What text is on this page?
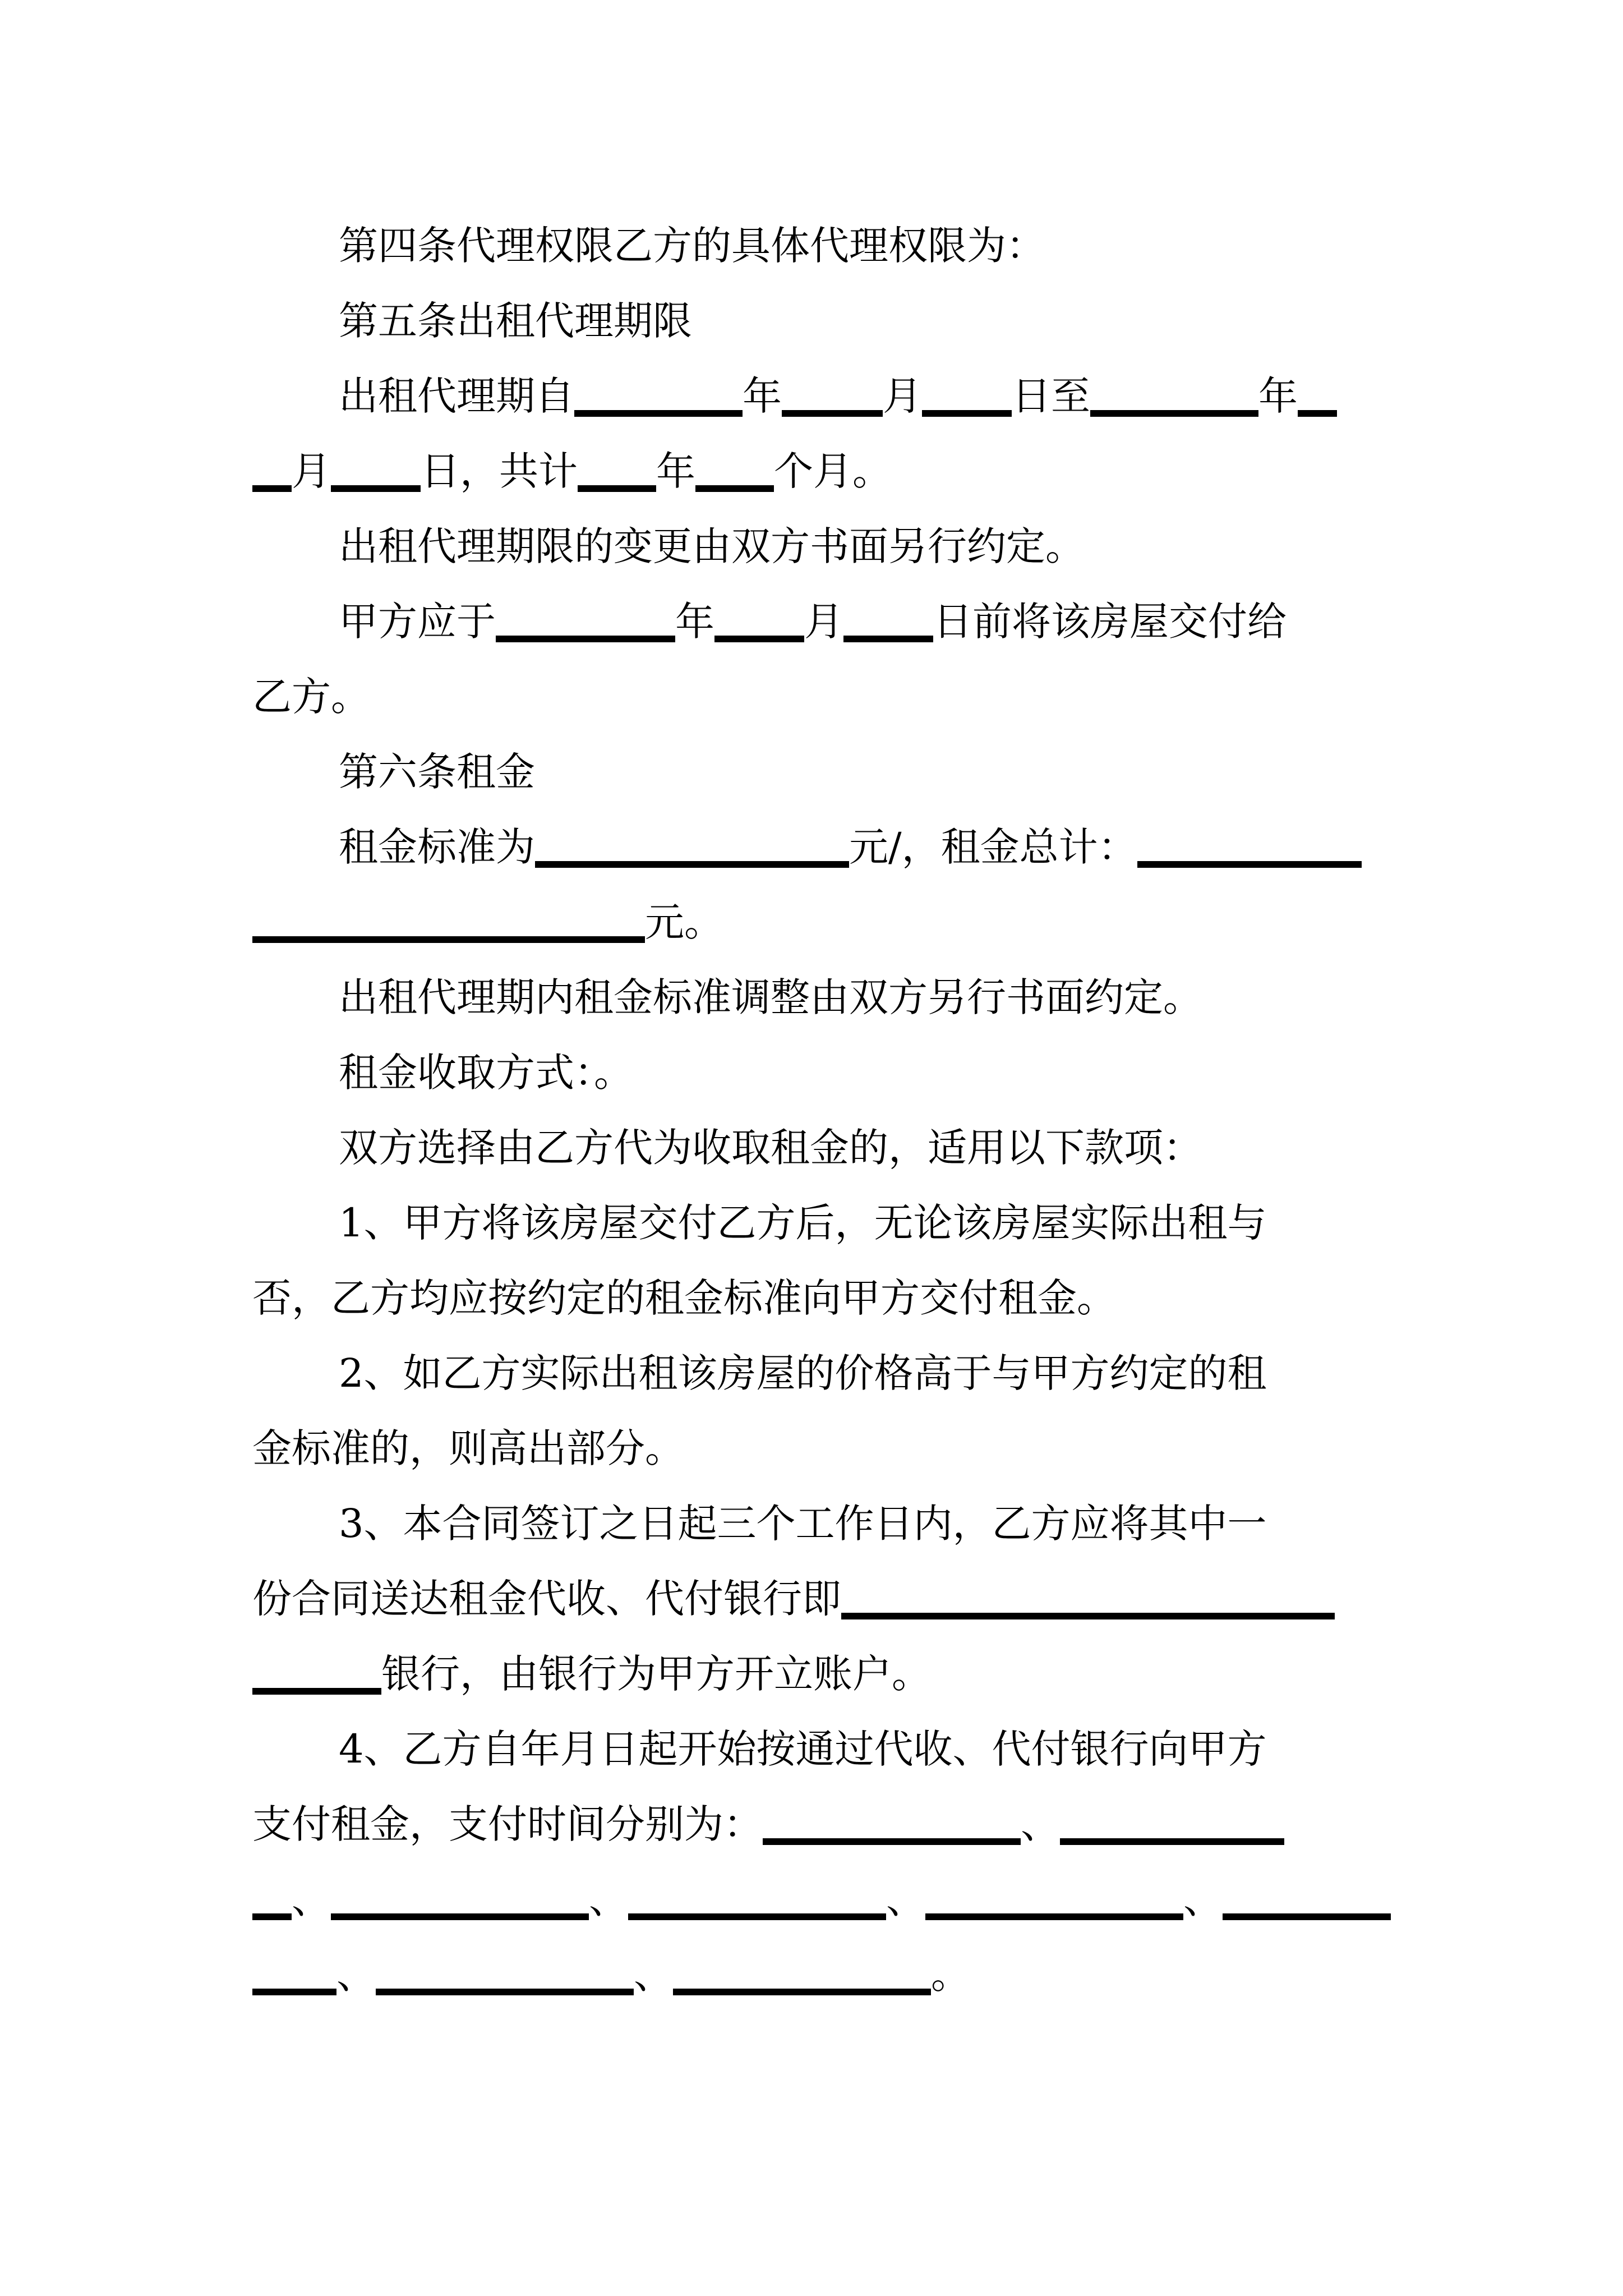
第四条代理权限乙方的具体代理权限为：
第五条出租代理期限
出租代理期自	年	月 日至	年
月 日，共计 年 个月。
出租代理期限的变更由双方书面另行约定。
甲方应于	年 月 日前将该房屋交付给
乙方。
第六条租金
租金标准为	元/，租金总计：
元。
出租代理期内租金标准调整由双方另行书面约定。
租金收取方式：。
双方选择由乙方代为收取租金的，适用以下款项：
1、甲方将该房屋交付乙方后，无论该房屋实际出租与
否，乙方均应按约定的租金标准向甲方交付租金。
2、如乙方实际出租该房屋的价格高于与甲方约定的租
金标准的，则高出部分。
3、本合同签订之日起三个工作日内，乙方应将其中一
份合同送达租金代收、代付银行即
银行，由银行为甲方开立账户。
4、乙方自年月日起开始按通过代收、代付银行向甲方
支付租金，支付时间分别为：	、
、	、	、	、
、	、	。
